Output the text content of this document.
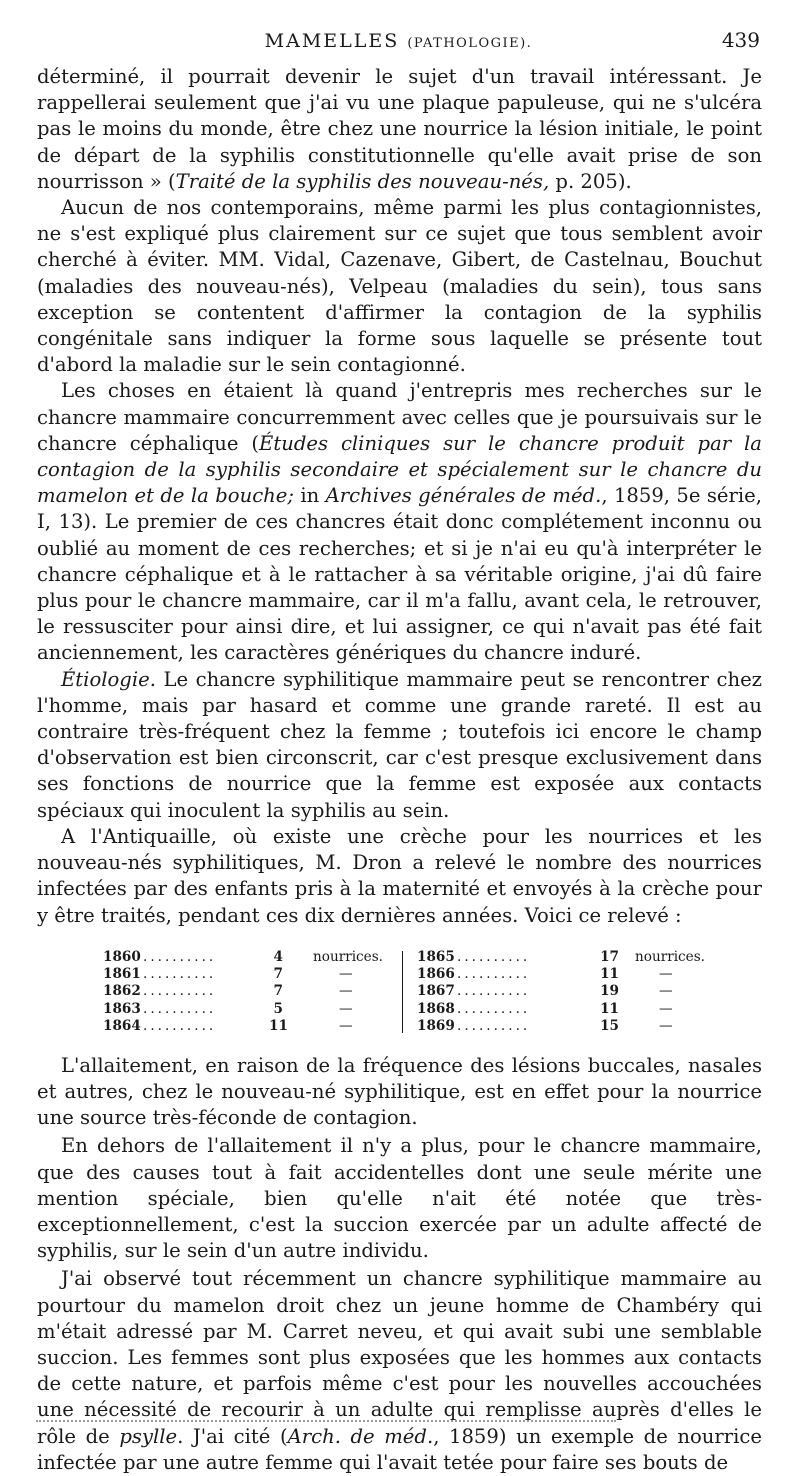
MAMELLES (PATHOLOGIE).	439

déterminé, il pourrait devenir le sujet d'un travail intéressant. Je rappellerai seulement que j'ai vu une plaque papuleuse, qui ne s'ulcéra pas le moins du monde, être chez une nourrice la lésion initiale, le point de départ de la syphilis constitutionnelle qu'elle avait prise de son nourrisson » (Traité de la syphilis des nouveau-nés, p. 205).

Aucun de nos contemporains, même parmi les plus contagionnistes, ne s'est expliqué plus clairement sur ce sujet que tous semblent avoir cherché à éviter. MM. Vidal, Cazenave, Gibert, de Castelnau, Bouchut (maladies des nouveau-nés), Velpeau (maladies du sein), tous sans exception se contentent d'affirmer la contagion de la syphilis congénitale sans indiquer la forme sous laquelle se présente tout d'abord la maladie sur le sein contagionné.

Les choses en étaient là quand j'entrepris mes recherches sur le chancre mammaire concurremment avec celles que je poursuivais sur le chancre céphalique (Études cliniques sur le chancre produit par la contagion de la syphilis secondaire et spécialement sur le chancre du mamelon et de la bouche; in Archives générales de méd., 1859, 5e série, I, 13). Le premier de ces chancres était donc complétement inconnu ou oublié au moment de ces recherches; et si je n'ai eu qu'à interpréter le chancre céphalique et à le rattacher à sa véritable origine, j'ai dû faire plus pour le chancre mammaire, car il m'a fallu, avant cela, le retrouver, le ressusciter pour ainsi dire, et lui assigner, ce qui n'avait pas été fait anciennement, les caractères génériques du chancre induré.

Étiologie. Le chancre syphilitique mammaire peut se rencontrer chez l'homme, mais par hasard et comme une grande rareté. Il est au contraire très-fréquent chez la femme ; toutefois ici encore le champ d'observation est bien circonscrit, car c'est presque exclusivement dans ses fonctions de nourrice que la femme est exposée aux contacts spéciaux qui inoculent la syphilis au sein.

A l'Antiquaille, où existe une crèche pour les nourrices et les nouveau-nés syphilitiques, M. Dron a relevé le nombre des nourrices infectées par des enfants pris à la maternité et envoyés à la crèche pour y être traités, pendant ces dix dernières années. Voici ce relevé :

1860 ..........	4 nourrices.
1861 ..........	7	—
1862 ..........	7	—
1863 ..........	5	—
1864 ..........	11	—
1865 ..........	17 nourrices.
1866 ..........	11	—
1867 ..........	19	—
1868 ..........	11	—
1869 ..........	15	—

L'allaitement, en raison de la fréquence des lésions buccales, nasales et autres, chez le nouveau-né syphilitique, est en effet pour la nourrice une source très-féconde de contagion.

En dehors de l'allaitement il n'y a plus, pour le chancre mammaire, que des causes tout à fait accidentelles dont une seule mérite une mention spéciale, bien qu'elle n'ait été notée que très-exceptionnellement, c'est la succion exercée par un adulte affecté de syphilis, sur le sein d'un autre individu.

J'ai observé tout récemment un chancre syphilitique mammaire au pourtour du mamelon droit chez un jeune homme de Chambéry qui m'était adressé par M. Carret neveu, et qui avait subi une semblable succion. Les femmes sont plus exposées que les hommes aux contacts de cette nature, et parfois même c'est pour les nouvelles accouchées une nécessité de recourir à un adulte qui remplisse auprès d'elles le rôle de psylle. J'ai cité (Arch. de méd., 1859) un exemple de nourrice infectée par une autre femme qui l'avait tetée pour faire ses bouts de
